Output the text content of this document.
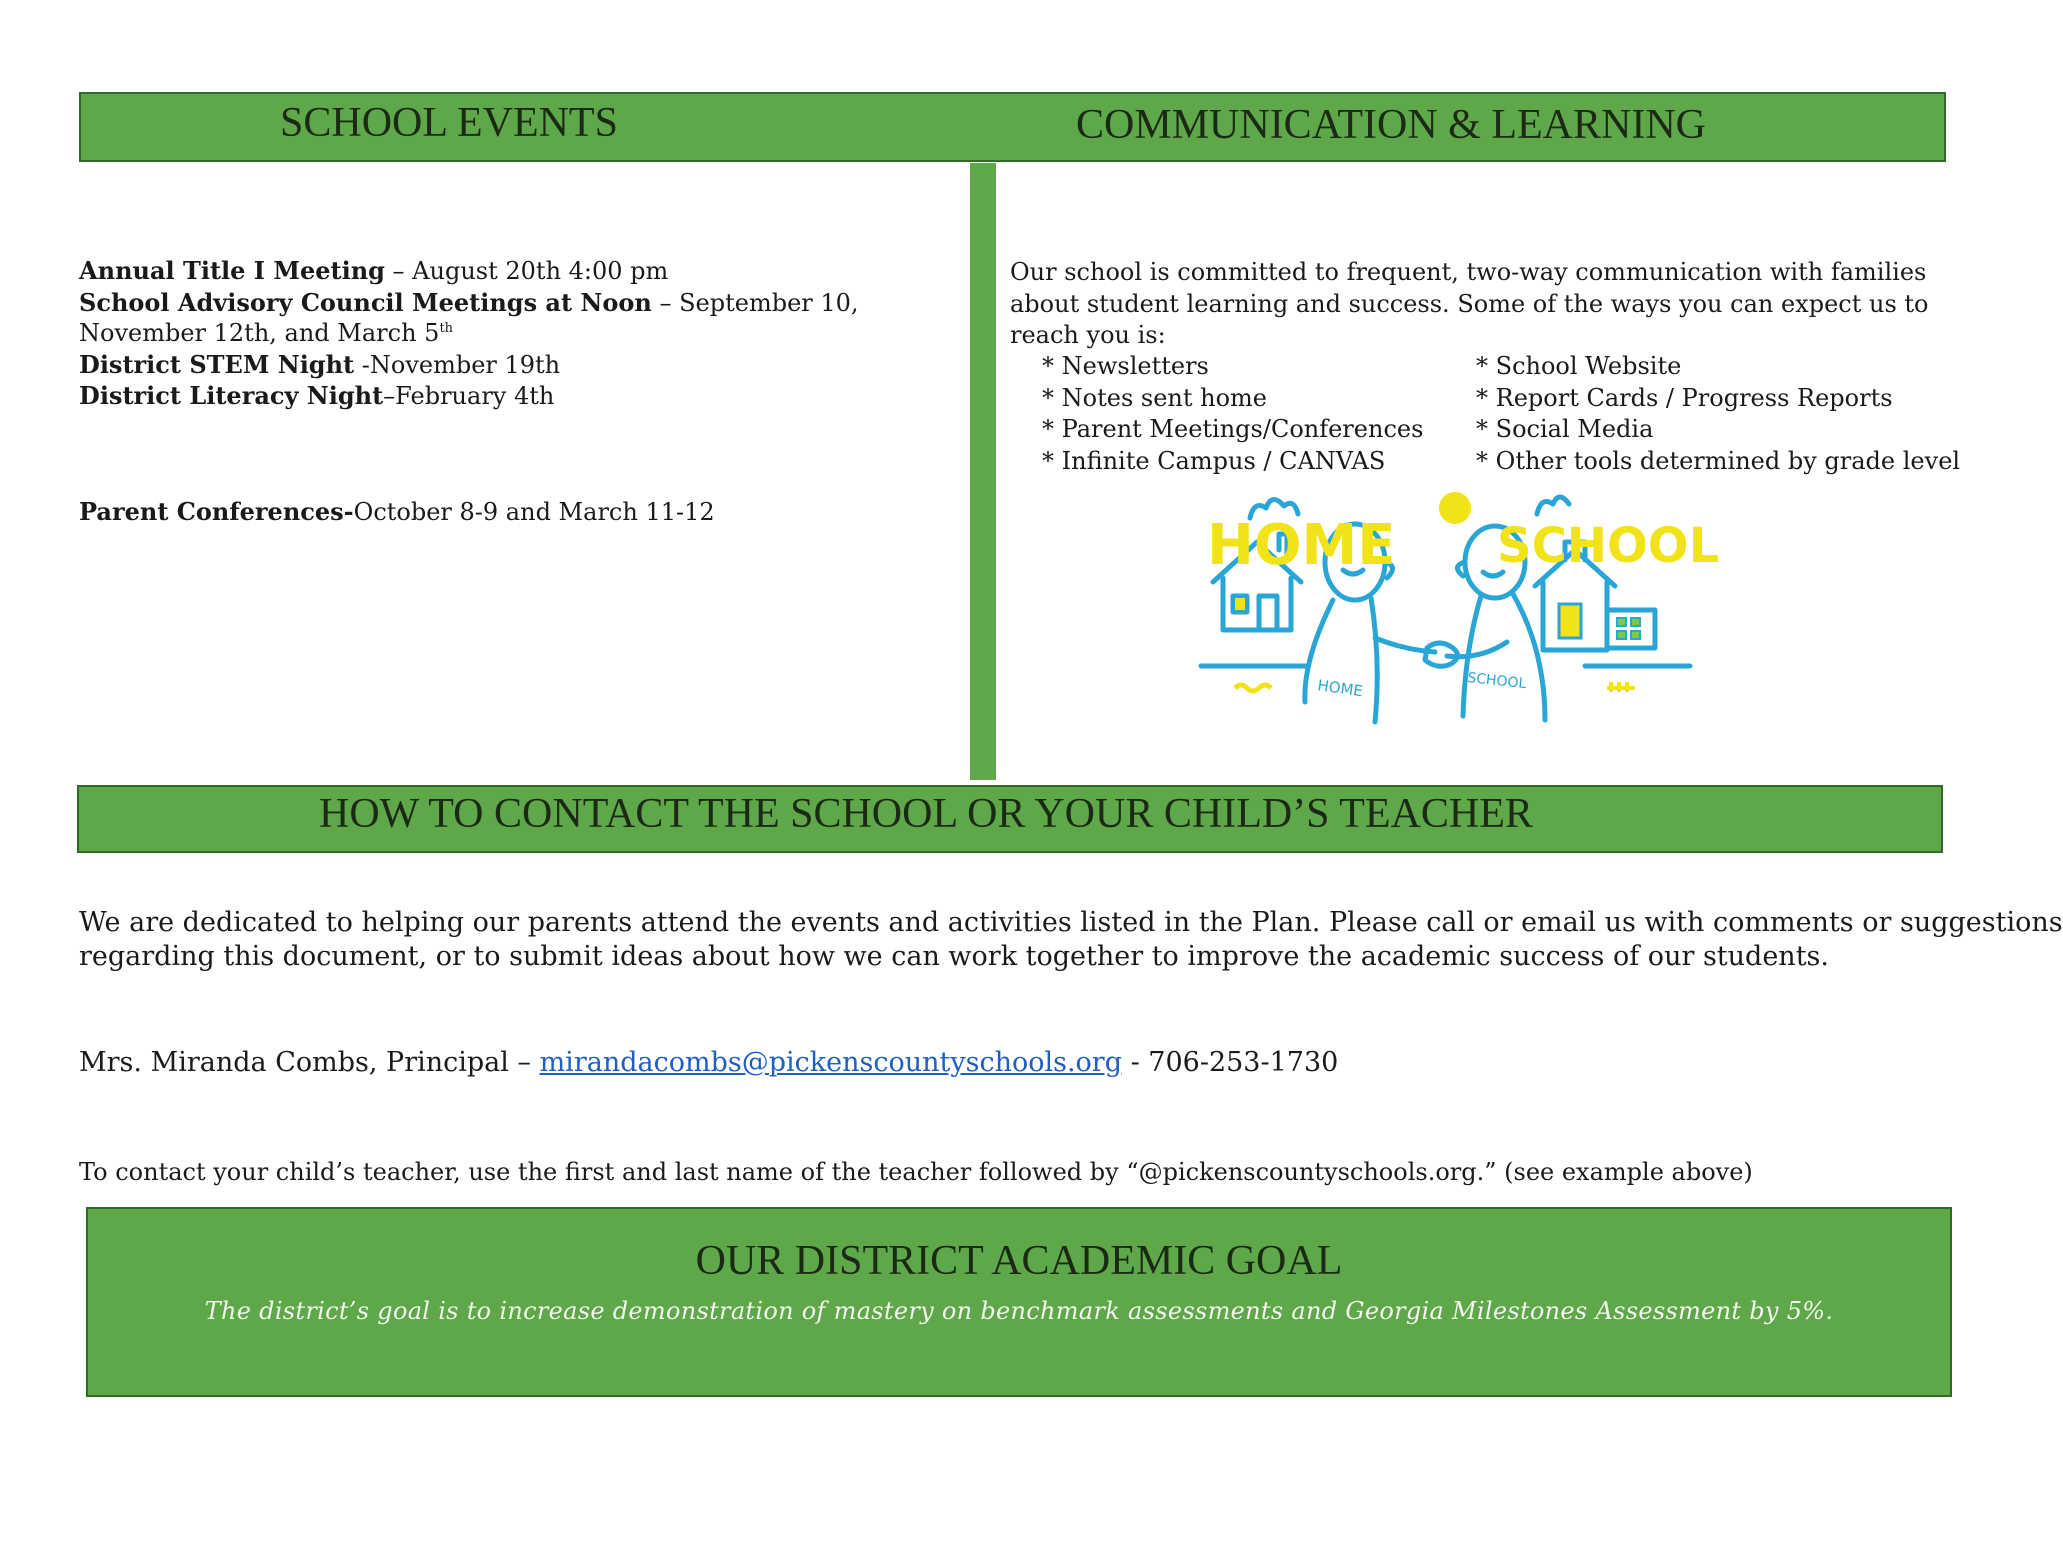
SCHOOL EVENTS	COMMUNICATION & LEARNING

Annual Title I Meeting – August 20th 4:00 pm

School Advisory Council Meetings at Noon – September 10,

November 12th, and March 5th

District STEM Night -November 19th

District Literacy Night–February 4th

Parent Conferences-October 8-9 and March 11-12

Our school is committed to frequent, two-way communication with families

about student learning and success. Some of the ways you can expect us to

reach you is:

* Newsletters
* Notes sent home
* Parent Meetings/Conferences
* Infinite Campus / CANVAS
* School Website
* Report Cards / Progress Reports
* Social Media
* Other tools determined by grade level
HOME SCHOOL
HOME	SCHOOL
HOW TO CONTACT THE SCHOOL OR YOUR CHILD’S TEACHER

We are dedicated to helping our parents attend the events and activities listed in the Plan. Please call or email us with comments or suggestions

regarding this document, or to submit ideas about how we can work together to improve the academic success of our students.

Mrs. Miranda Combs, Principal – mirandacombs@pickenscountyschools.org - 706-253-1730

To contact your child’s teacher, use the first and last name of the teacher followed by “@pickenscountyschools.org.” (see example above)

OUR DISTRICT ACADEMIC GOAL

The district’s goal is to increase demonstration of mastery on benchmark assessments and Georgia Milestones Assessment by 5%.
